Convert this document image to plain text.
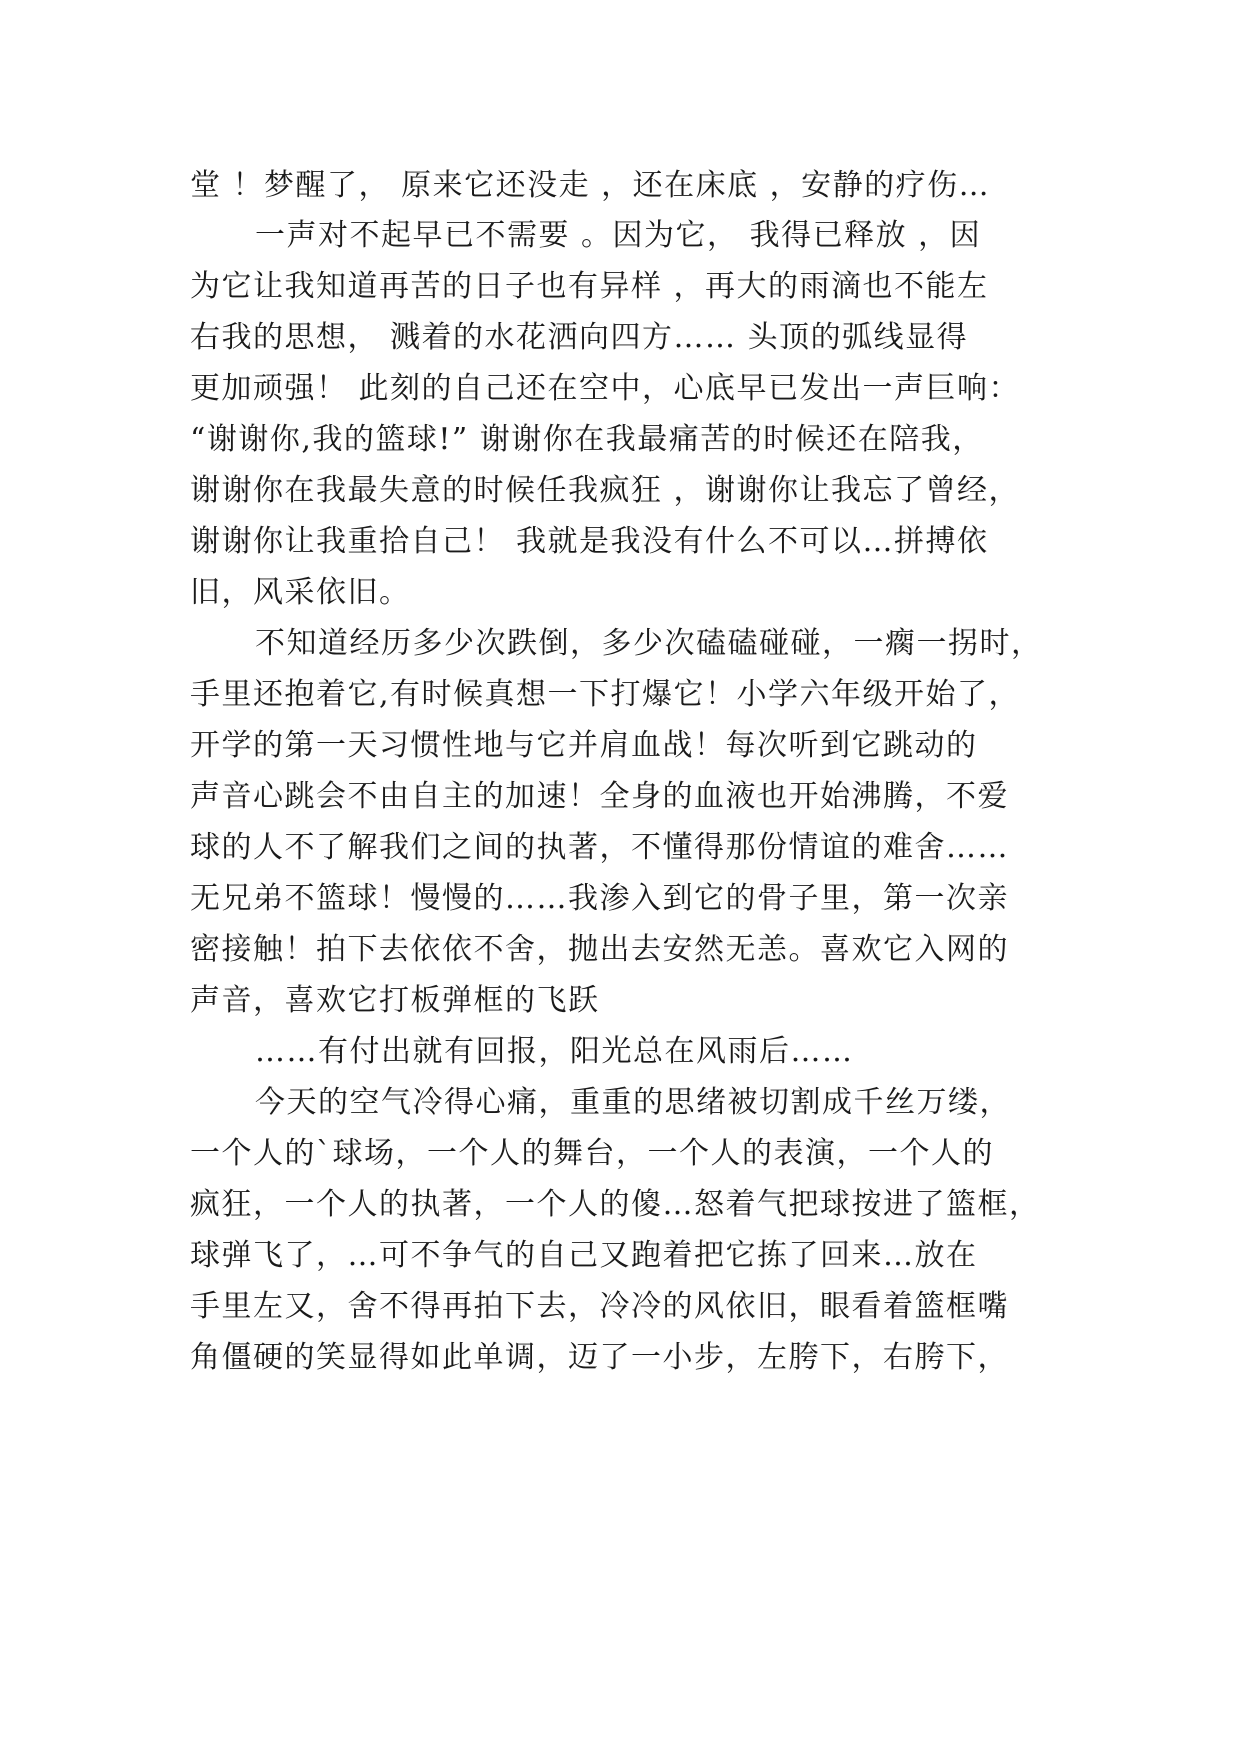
堂 ！梦醒了， 原来它还没走 ，还在床底 ，安静的疗伤…
一声对不起早已不需要 。因为它， 我得已释放 ，因
为它让我知道再苦的日子也有异样 ，再大的雨滴也不能左
右我的思想， 溅着的水花洒向四方…… 头顶的弧线显得
更加顽强！ 此刻的自己还在空中，心底早已发出一声巨响：
“谢谢你,我的篮球!” 谢谢你在我最痛苦的时候还在陪我，
谢谢你在我最失意的时候任我疯狂 ，谢谢你让我忘了曾经，
谢谢你让我重拾自己！ 我就是我没有什么不可以…拼搏依
旧，风采依旧。
不知道经历多少次跌倒，多少次磕磕碰碰，一瘸一拐时，
手里还抱着它,有时候真想一下打爆它！小学六年级开始了，
开学的第一天习惯性地与它并肩血战！每次听到它跳动的
声音心跳会不由自主的加速！全身的血液也开始沸腾，不爱
球的人不了解我们之间的执著，不懂得那份情谊的难舍……
无兄弟不篮球！慢慢的……我渗入到它的骨子里，第一次亲
密接触！拍下去依依不舍，抛出去安然无恙。喜欢它入网的
声音，喜欢它打板弹框的飞跃
……有付出就有回报，阳光总在风雨后……
今天的空气冷得心痛，重重的思绪被切割成千丝万缕，
一个人的`球场，一个人的舞台，一个人的表演，一个人的
疯狂，一个人的执著，一个人的傻…怒着气把球按进了篮框，
球弹飞了，…可不争气的自己又跑着把它拣了回来…放在
手里左又，舍不得再拍下去，冷冷的风依旧，眼看着篮框嘴
角僵硬的笑显得如此单调，迈了一小步，左胯下，右胯下，
